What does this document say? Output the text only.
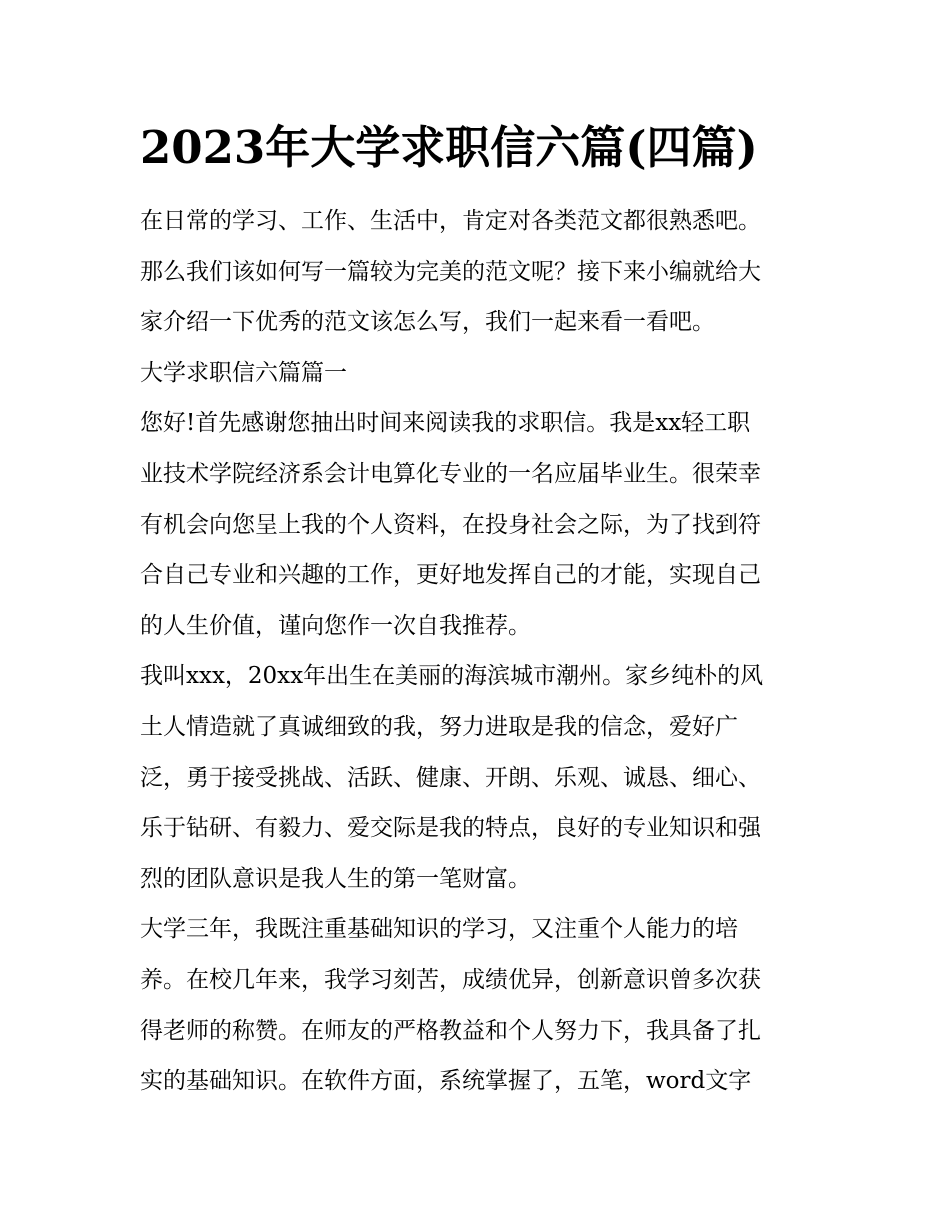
2023年大学求职信六篇(四篇)
在日常的学习、工作、生活中，肯定对各类范文都很熟悉吧。
那么我们该如何写一篇较为完美的范文呢？接下来小编就给大
家介绍一下优秀的范文该怎么写，我们一起来看一看吧。
大学求职信六篇篇一
您好!首先感谢您抽出时间来阅读我的求职信。我是xx轻工职
业技术学院经济系会计电算化专业的一名应届毕业生。很荣幸
有机会向您呈上我的个人资料，在投身社会之际，为了找到符
合自己专业和兴趣的工作，更好地发挥自己的才能，实现自己
的人生价值，谨向您作一次自我推荐。
我叫xxx，20xx年出生在美丽的海滨城市潮州。家乡纯朴的风
土人情造就了真诚细致的我，努力进取是我的信念，爱好广
泛，勇于接受挑战、活跃、健康、开朗、乐观、诚恳、细心、
乐于钻研、有毅力、爱交际是我的特点，良好的专业知识和强
烈的团队意识是我人生的第一笔财富。
大学三年，我既注重基础知识的学习，又注重个人能力的培
养。在校几年来，我学习刻苦，成绩优异，创新意识曾多次获
得老师的称赞。在师友的严格教益和个人努力下，我具备了扎
实的基础知识。在软件方面，系统掌握了，五笔，word文字
